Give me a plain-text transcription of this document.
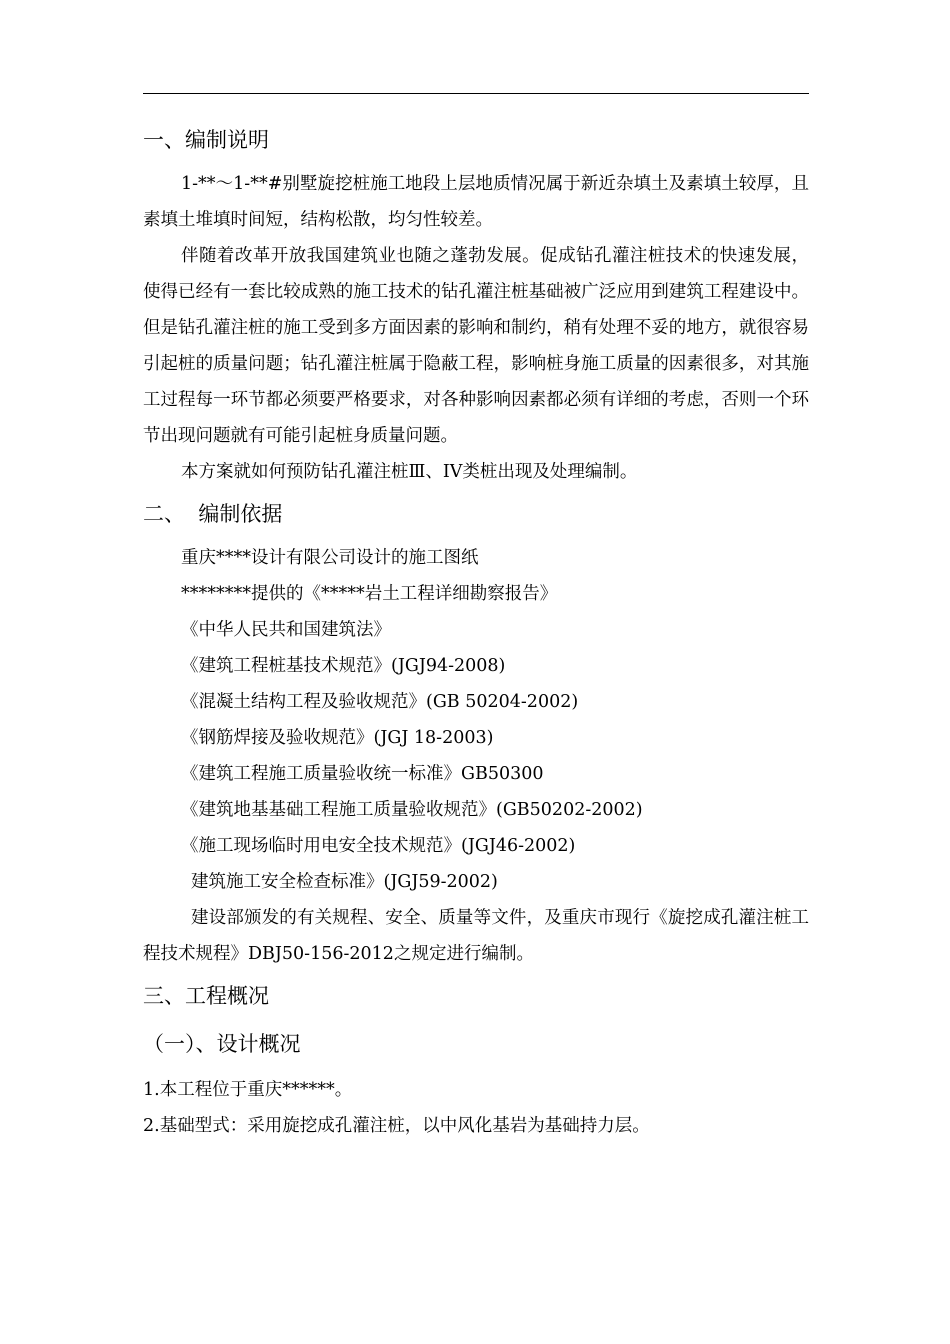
一、编制说明

1-**～1-**#别墅旋挖桩施工地段上层地质情况属于新近杂填土及素填土较厚，且素填土堆填时间短，结构松散，均匀性较差。

伴随着改革开放我国建筑业也随之蓬勃发展。促成钻孔灌注桩技术的快速发展，使得已经有一套比较成熟的施工技术的钻孔灌注桩基础被广泛应用到建筑工程建设中。但是钻孔灌注桩的施工受到多方面因素的影响和制约，稍有处理不妥的地方，就很容易引起桩的质量问题；钻孔灌注桩属于隐蔽工程，影响桩身施工质量的因素很多，对其施工过程每一环节都必须要严格要求，对各种影响因素都必须有详细的考虑，否则一个环节出现问题就有可能引起桩身质量问题。

本方案就如何预防钻孔灌注桩Ⅲ、IV类桩出现及处理编制。

二、  编制依据

重庆****设计有限公司设计的施工图纸

********提供的《*****岩土工程详细勘察报告》

《中华人民共和国建筑法》

《建筑工程桩基技术规范》(JGJ94-2008)

《混凝土结构工程及验收规范》(GB 50204-2002)

《钢筋焊接及验收规范》(JGJ 18-2003)

《建筑工程施工质量验收统一标准》GB50300

《建筑地基基础工程施工质量验收规范》(GB50202-2002)

《施工现场临时用电安全技术规范》(JGJ46-2002)

建筑施工安全检查标准》(JGJ59-2002)

建设部颁发的有关规程、安全、质量等文件，及重庆市现行《旋挖成孔灌注桩工程技术规程》DBJ50-156-2012之规定进行编制。

三、工程概况
（一）、设计概况

1.本工程位于重庆******。

2.基础型式：采用旋挖成孔灌注桩，以中风化基岩为基础持力层。
